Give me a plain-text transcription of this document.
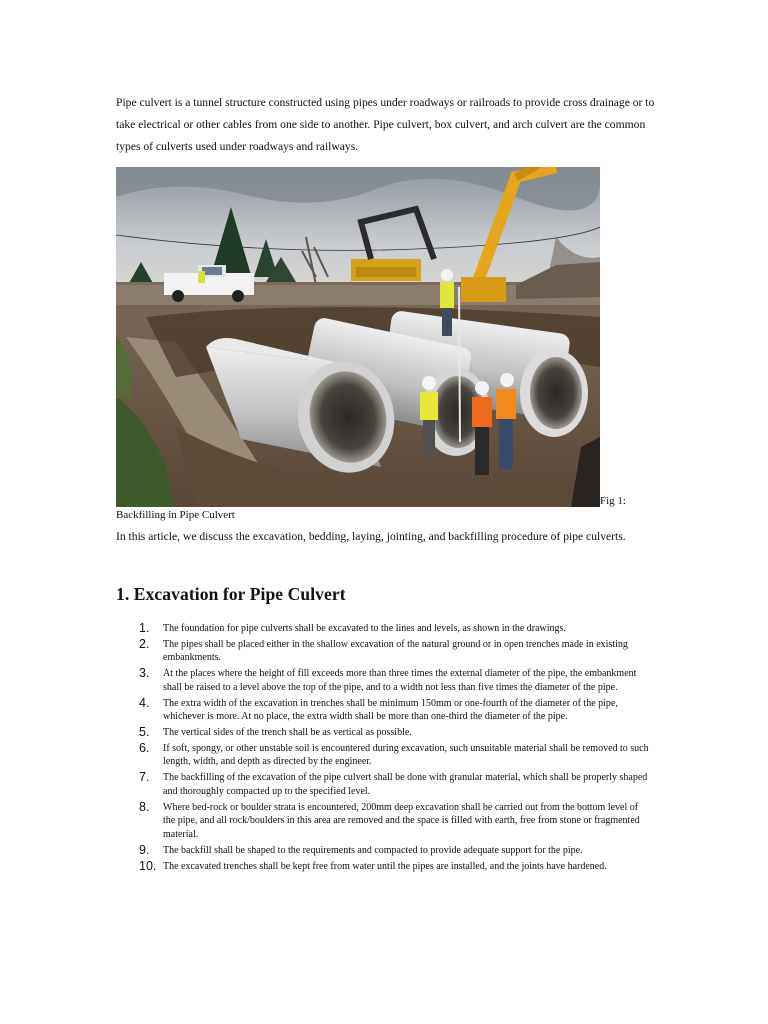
Pipe culvert is a tunnel structure constructed using pipes under roadways or railroads to provide cross drainage or to take electrical or other cables from one side to another. Pipe culvert, box culvert, and arch culvert are the common types of culverts used under roadways and railways.

Fig 1:
Backfilling in Pipe Culvert

In this article, we discuss the excavation, bedding, laying, jointing, and backfilling procedure of pipe culverts.

1. Excavation for Pipe Culvert
1.	The foundation for pipe culverts shall be excavated to the lines and levels, as shown in the drawings.
2.	The pipes shall be placed either in the shallow excavation of the natural ground or in open trenches made in existing embankments.
3.	At the places where the height of fill exceeds more than three times the external diameter of the pipe, the embankment shall be raised to a level above the top of the pipe, and to a width not less than five times the diameter of the pipe.
4.	The extra width of the excavation in trenches shall be minimum 150mm or one-fourth of the diameter of the pipe, whichever is more. At no place, the extra width shall be more than one-third the diameter of the pipe.
5.	The vertical sides of the trench shall be as vertical as possible.
6.	If soft, spongy, or other unstable soil is encountered during excavation, such unsuitable material shall be removed to such length, width, and depth as directed by the engineer.
7.	The backfilling of the excavation of the pipe culvert shall be done with granular material, which shall be properly shaped and thoroughly compacted up to the specified level.
8.	Where bed-rock or boulder strata is encountered, 200mm deep excavation shall be carried out from the bottom level of the pipe, and all rock/boulders in this area are removed and the space is filled with earth, free from stone or fragmented material.
9.	The backfill shall be shaped to the requirements and compacted to provide adequate support for the pipe.
10. The excavated trenches shall be kept free from water until the pipes are installed, and the joints have hardened.
